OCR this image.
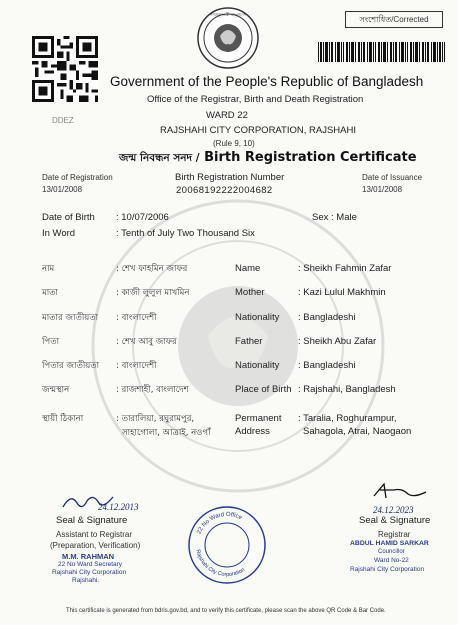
DDEZ
গণপ্রজাতন্ত্রী বাংলাদেশ
সংশোধিত/Corrected
Government of the People's Republic of Bangladesh
Office of the Registrar, Birth and Death Registration
WARD 22
RAJSHAHI CITY CORPORATION, RAJSHAHI
(Rule 9, 10)
জন্ম নিবন্ধন সনদ / Birth Registration Certificate
Date of Registration
13/01/2008
Birth Registration Number
20068192222004682
Date of Issuance
13/01/2008
Date of Birth : 10/07/2006	Sex : Male
In Word	: Tenth of July Two Thousand Six
নাম	: শেখ ফাহমিন জাফর	Name	: Sheikh Fahmin Zafar
মাতা	: কাজী লুলুল মাখমিন	Mother	: Kazi Lulul Makhmin
মাতার জাতীয়তা : বাংলাদেশী	Nationality : Bangladeshi
পিতা	: শেখ আবু জাফর	Father	: Sheikh Abu Zafar
পিতার জাতীয়তা : বাংলাদেশী	Nationality : Bangladeshi
জন্মস্থান	: রাজশাহী, বাংলাদেশ	Place of Birth : Rajshahi, Bangladesh
স্থায়ী ঠিকানা	: তারালিয়া, রঘুরামপুর,
সাহাগোলা, আত্রাই, নওগাঁ
Permanent
Address
: Taralia, Roghurampur,
Sahagola, Atrai, Naogaon
24.12.2013
Seal & Signature
Assistant to Registrar
(Preparation, Verification)
M.M. RAHMAN
22 No Ward Secretary
Rajshahi City Corporation
Rajshahi.
22 No Ward Office
Rajshahi City Corporation
24.12.2023
Seal & Signature
Registrar
ABDUL HAMID SARKAR
Councillor
Ward No-22
Rajshahi City Corporation
This certificate is generated from bdris.gov.bd, and to verify this certificate, please scan the above QR Code & Bar Code.
